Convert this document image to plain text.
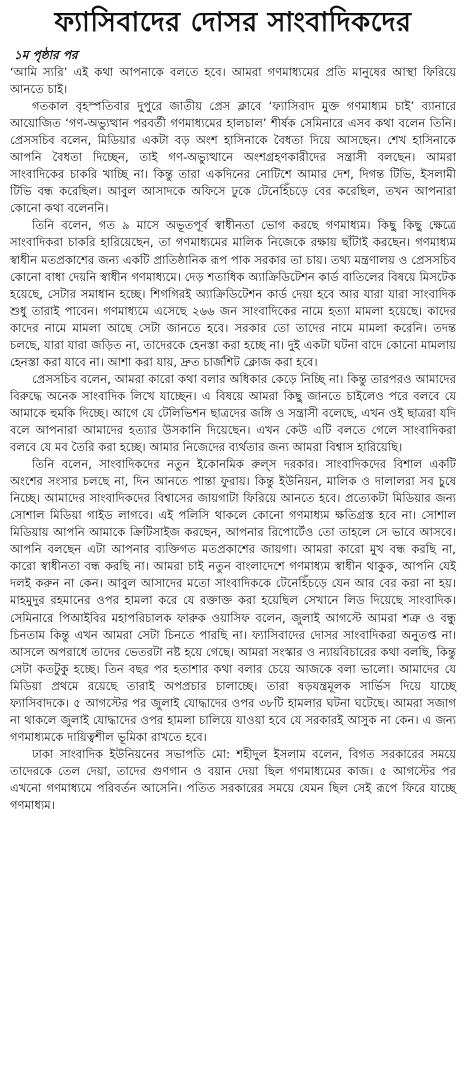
ফ্যাসিবাদের দোসর সাংবাদিকদের
১ম পৃষ্ঠার পর

‘আমি স্যরি’ এই কথা আপনাকে বলতে হবে। আমরা গণমাধ্যমের প্রতি মানুষের আস্থা ফিরিয়ে আনতে চাই।

গতকাল বৃহস্পতিবার দুপুরে জাতীয় প্রেস ক্লাবে ‘ফ্যাসিবাদ মুক্ত গণমাধ্যম চাই’ ব্যানারে আয়োজিত ‘গণ-অভ্যুত্থান পরবর্তী গণমাধ্যমের হালচাল’ শীর্ষক সেমিনারে এসব কথা বলেন তিনি। প্রেসসচিব বলেন, মিডিয়ার একটা বড় অংশ হাসিনাকে বৈধতা দিয়ে আসছেন। শেখ হাসিনাকে আপনি বৈধতা দিচ্ছেন, তাই গণ-অভ্যুত্থানে অংশগ্রহণকারীদের সন্ত্রাসী বলছেন। আমরা সাংবাদিকের চাকরি খাচ্ছি না। কিন্তু তারা একদিনের নোটিশে আমার দেশ, দিগন্ত টিভি, ইসলামী টিভি বন্ধ করেছিল। আবুল আসাদকে অফিসে ঢুকে টেনেহিঁচড়ে বের করেছিল, তখন আপনারা কোনো কথা বলেননি।

তিনি বলেন, গত ৯ মাসে অভূতপূর্ব স্বাধীনতা ভোগ করছে গণমাধ্যম। কিছু কিছু ক্ষেত্রে সাংবাদিকরা চাকরি হারিয়েছেন, তা গণমাধ্যমের মালিক নিজেকে রক্ষায় ছাঁটাই করছেন। গণমাধ্যম স্বাধীন মতপ্রকাশের জন্য একটি প্রাতিষ্ঠানিক রূপ পাক সরকার তা চায়। তথ্য মন্ত্রণালয় ও প্রেসসচিব কোনো বাধা দেয়নি স্বাধীন গণমাধ্যমে। দেড় শতাধিক অ্যাক্রিডিটেশন কার্ড বাতিলের বিষয়ে মিসটেক হয়েছে, সেটার সমাধান হচ্ছে। শিগগিরই অ্যাক্রিডিটেশন কার্ড দেয়া হবে আর যারা যারা সাংবাদিক শুধু তারাই পাবেন। গণমাধ্যমে এসেছে ২৬৬ জন সাংবাদিকের নামে হত্যা মামলা হয়েছে। কাদের কাদের নামে মামলা আছে সেটা জানতে হবে। সরকার তো তাদের নামে মামলা করেনি। তদন্ত চলছে, যারা যারা জড়িত না, তাদেরকে হেনস্তা করা হচ্ছে না। দুই একটা ঘটনা বাদে কোনো মামলায় হেনস্তা করা যাবে না। আশা করা যায়, দ্রুত চার্জশিট ক্লোজ করা হবে।

প্রেসসচিব বলেন, আমরা কারো কথা বলার অধিকার কেড়ে নিচ্ছি না। কিন্তু তারপরও আমাদের বিরুদ্ধে অনেক সাংবাদিক লিখে যাচ্ছেন। এ বিষয়ে আমরা কিছু জানতে চাইলেও পরে বলবে যে আমাকে হুমকি দিচ্ছে। আগে যে টেলিভিশন ছাত্রদের জঙ্গি ও সন্ত্রাসী বলেছে, এখন ওই ছাত্ররা যদি বলে আপনারা আমাদের হত্যার উসকানি দিয়েছেন। এখন কেউ এটি বলতে গেলে সাংবাদিকরা বলবে যে মব তৈরি করা হচ্ছে। আমার নিজেদের ব্যর্থতার জন্য আমরা বিশ্বাস হারিয়েছি।

তিনি বলেন, সাংবাদিকদের নতুন ইকোনমিক রুল্স দরকার। সাংবাদিকদের বিশাল একটি অংশের সংসার চলছে না, দিন আনতে পান্তা ফুরায়। কিন্তু ইউনিয়ন, মালিক ও দালালরা সব চুষে নিচ্ছে। আমাদের সাংবাদিকদের বিশ্বাসের জায়গাটা ফিরিয়ে আনতে হবে। প্রত্যেকটা মিডিয়ার জন্য সোশাল মিডিয়া গাইড লাগবে। এই পলিসি থাকলে কোনো গণমাধ্যম ক্ষতিগ্রস্ত হবে না। সোশাল মিডিয়ায় আপনি আমাকে ক্রিটিসাইজ করছেন, আপনার রিপোর্টেও তো তাহলে সে ভাবে আসবে। আপনি বলছেন এটা আপনার ব্যক্তিগত মতপ্রকাশের জায়গা। আমরা কারো মুখ বন্ধ করছি না, কারো স্বাধীনতা বন্ধ করছি না। আমরা চাই নতুন বাংলাদেশে গণমাধ্যম স্বাধীন থাকুক, আপনি যেই দলই করুন না কেন। আবুল আসাদের মতো সাংবাদিককে টেনেহিঁচড়ে যেন আর বের করা না হয়। মাহমুদুর রহমানের ওপর হামলা করে যে রক্তাক্ত করা হয়েছিল সেখানে লিড দিয়েছে সাংবাদিক। সেমিনারে পিআইবির মহাপরিচালক ফারুক ওয়াসিফ বলেন, জুলাই আগস্টে আমরা শত্রু ও বন্ধু চিনতাম কিন্তু এখন আমরা সেটা চিনতে পারছি না। ফ্যাসিবাদের দোসর সাংবাদিকরা অনুতপ্ত না। আসলে অপরাধে তাদের ভেতরটা নষ্ট হয়ে গেছে। আমরা সংস্কার ও ন্যায়বিচারের কথা বলছি, কিন্তু সেটা কতটুকু হচ্ছে। তিন বছর পর হতাশার কথা বলার চেয়ে আজকে বলা ভালো। আমাদের যে মিডিয়া প্রথমে রয়েছে তারাই অপপ্রচার চালাচ্ছে। তারা ষড়যন্ত্রমূলক সার্ভিস দিয়ে যাচ্ছে ফ্যাসিবাদকে। ৫ আগস্টের পর জুলাই যোদ্ধাদের ওপর ৩৮টি হামলার ঘটনা ঘটেছে। আমরা সজাগ না থাকলে জুলাই যোদ্ধাদের ওপর হামলা চালিয়ে যাওয়া হবে যে সরকারই আসুক না কেন। এ জন্য গণমাধ্যমকে দায়িত্বশীল ভূমিকা রাখতে হবে।

ঢাকা সাংবাদিক ইউনিয়নের সভাপতি মো: শহীদুল ইসলাম বলেন, বিগত সরকারের সময়ে তাদেরকে তেল দেয়া, তাদের গুণগান ও বয়ান দেয়া ছিল গণমাধ্যমের কাজ। ৫ আগস্টের পর এখনো গণমাধ্যমে পরিবর্তন আসেনি। পতিত সরকারের সময়ে যেমন ছিল সেই রূপে ফিরে যাচ্ছে গণমাধ্যম।
